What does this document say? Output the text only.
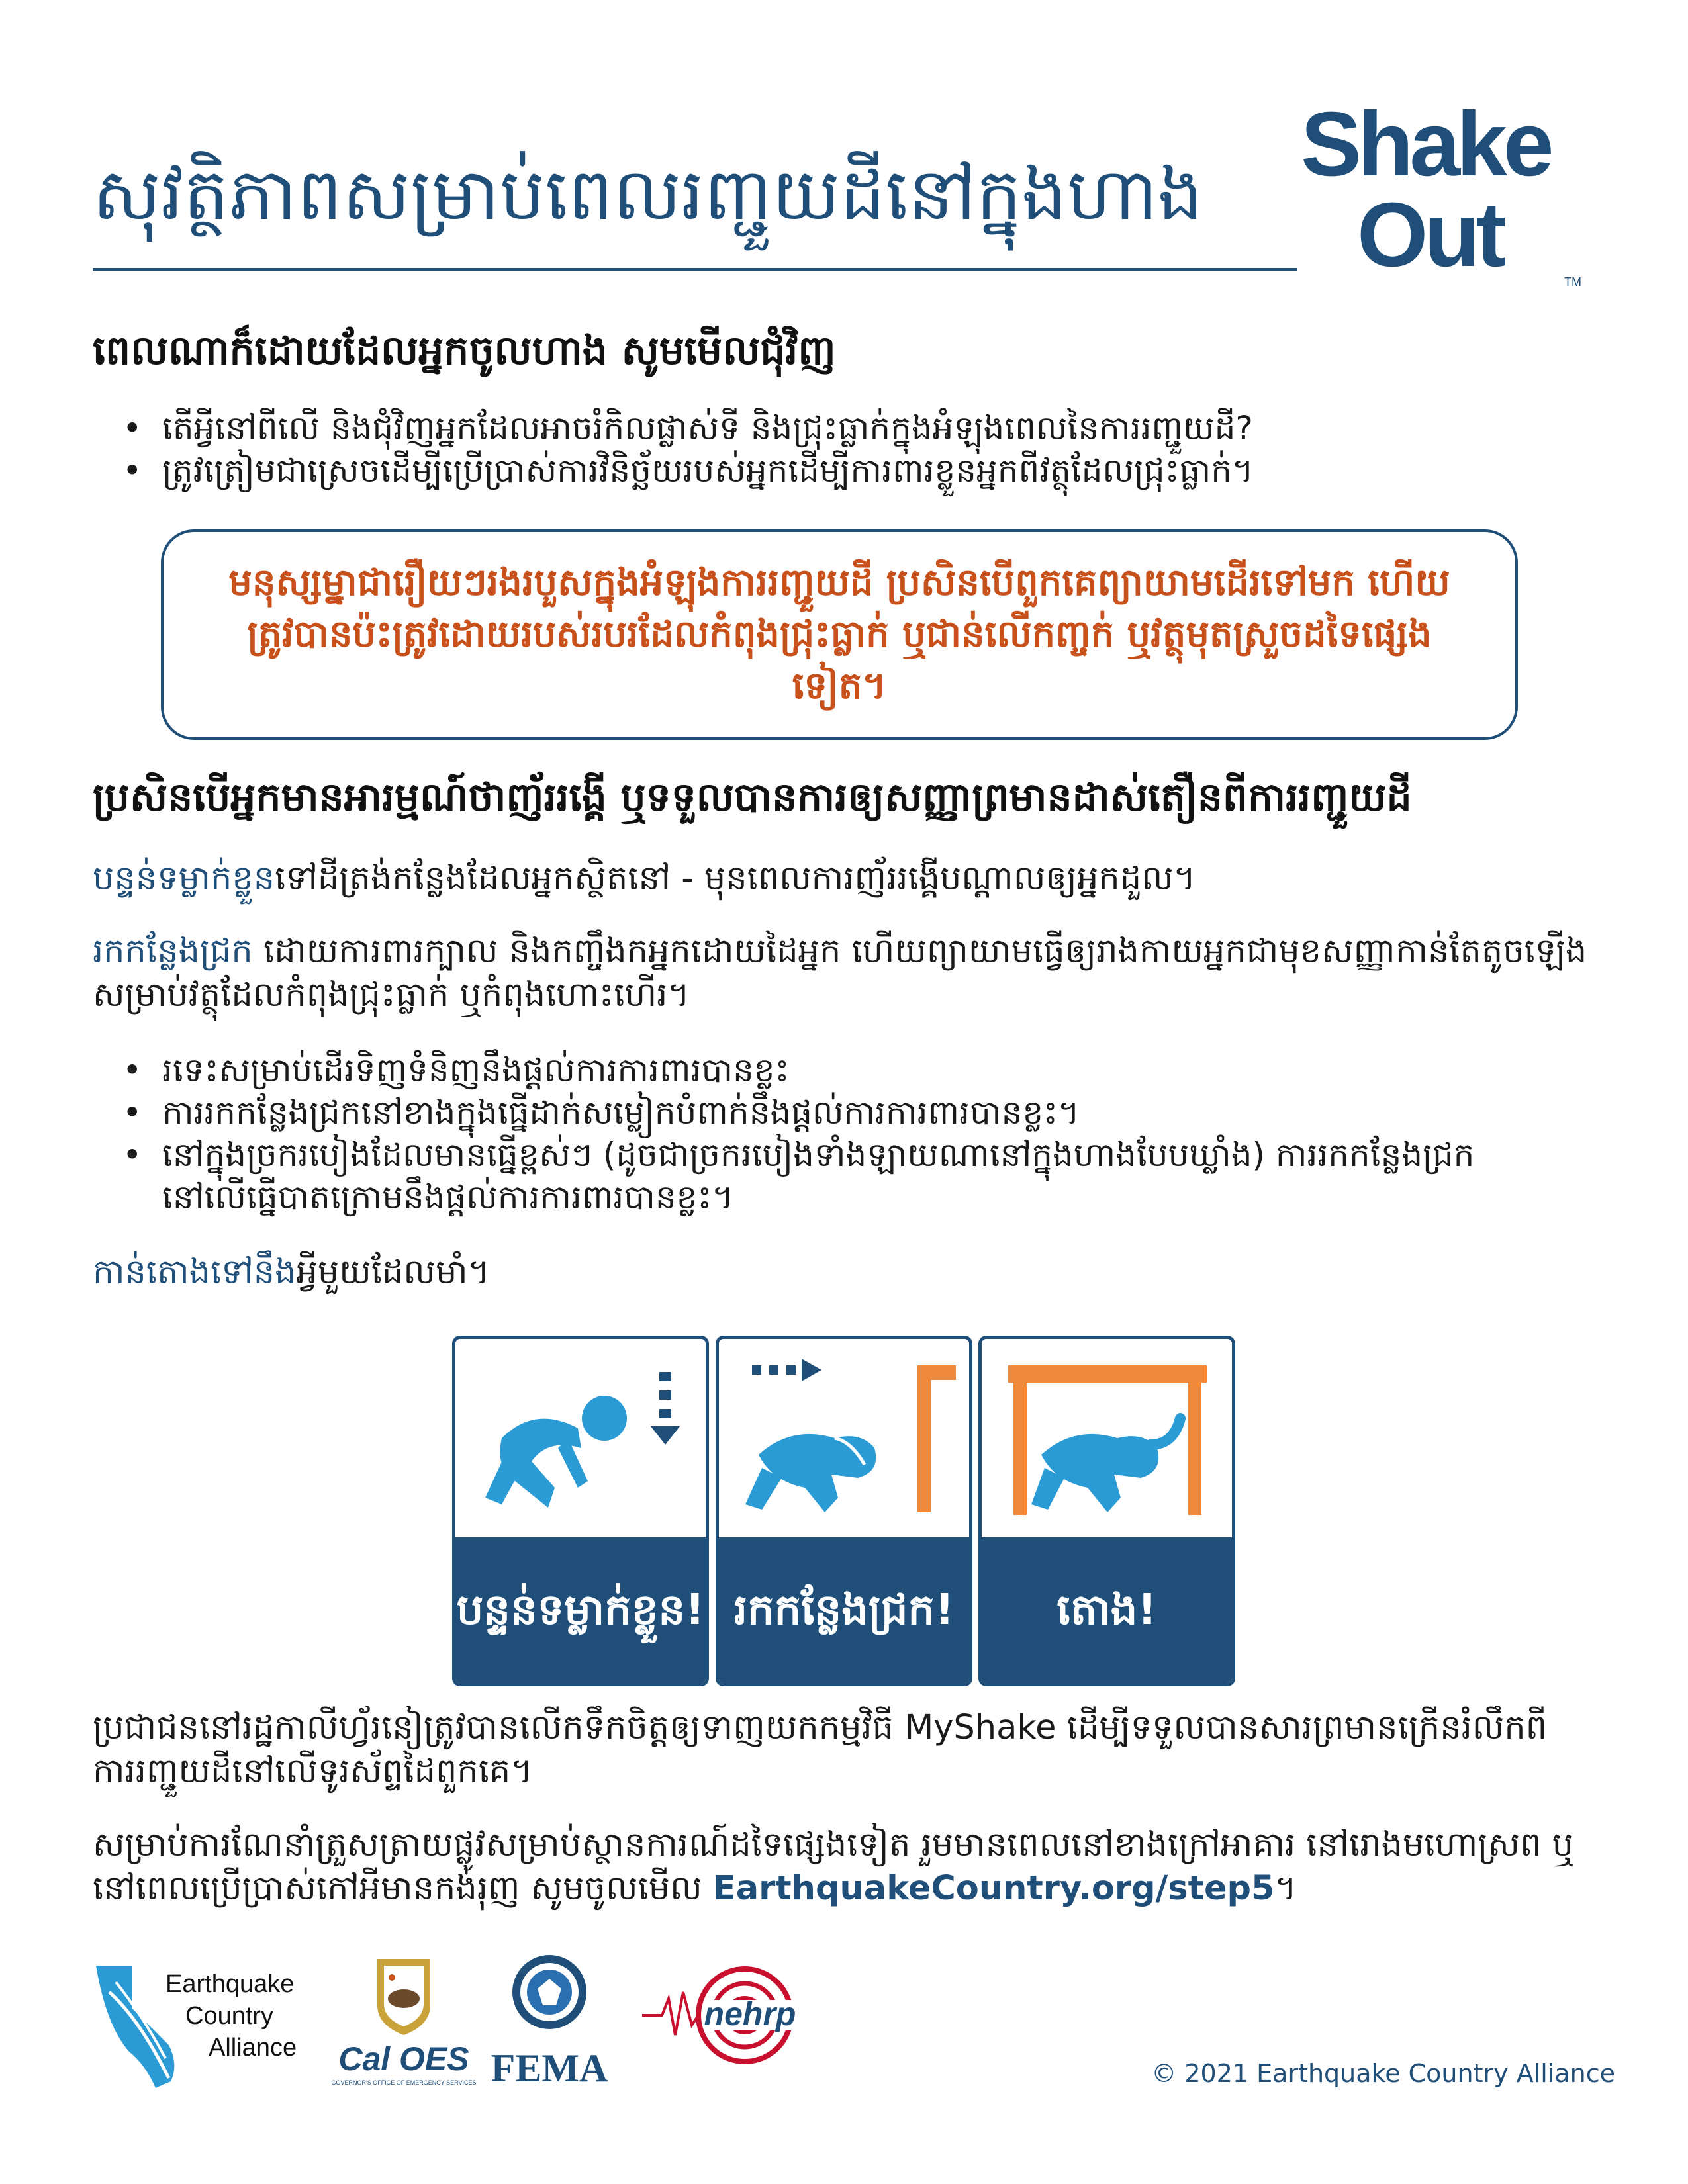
សុវត្ថិភាពសម្រាប់ពេលរញ្ជួយដីនៅក្នុងហាង	Shake
Out	TM
ពេលណាក៏ដោយដែលអ្នកចូលហាង សូមមើលជុំវិញ
• តើអ្វីនៅពីលើ និងជុំវិញអ្នកដែលអាចរំកិលផ្លាស់ទី និងជ្រុះធ្លាក់ក្នុងអំឡុងពេលនៃការរញ្ជួយដី?
• ត្រូវត្រៀមជាស្រេចដើម្បីប្រើប្រាស់ការវិនិច្ឆ័យរបស់អ្នកដើម្បីការពារខ្លួនអ្នកពីវត្ថុដែលជ្រុះធ្លាក់។

មនុស្សម្នាជារឿយៗរងរបួសក្នុងអំឡុងការរញ្ជួយដី ប្រសិនបើពួកគេព្យាយាមដើរទៅមក ហើយត្រូវបានប៉ះត្រូវដោយរបស់របរដែលកំពុងជ្រុះធ្លាក់ ឬជាន់លើកញ្ចក់ ឬវត្ថុមុតស្រួចដទៃផ្សេងទៀត។

ប្រសិនបើអ្នកមានអារម្មណ៍ថាញ័ររង្គើ ឬទទួលបានការឲ្យសញ្ញាព្រមានដាស់តឿនពីការរញ្ជួយដី

បន្ទន់ទម្លាក់ខ្លួនទៅដីត្រង់កន្លែងដែលអ្នកស្ថិតនៅ - មុនពេលការញ័ររង្គើបណ្ដាលឲ្យអ្នកដួល។

រកកន្លែងជ្រក ដោយការពារក្បាល និងកញ្ចឹងកអ្នកដោយដៃអ្នក ហើយព្យាយាមធ្វើឲ្យរាងកាយអ្នកជាមុខសញ្ញាកាន់តែតូចឡើងសម្រាប់វត្ថុដែលកំពុងជ្រុះធ្លាក់ ឬកំពុងហោះហើរ។

• រទេះសម្រាប់ដើរទិញទំនិញនឹងផ្តល់ការការពារបានខ្លះ
• ការរកកន្លែងជ្រកនៅខាងក្នុងធ្នើដាក់សម្លៀកបំពាក់នឹងផ្តល់ការការពារបានខ្លះ។
• នៅក្នុងច្រករបៀងដែលមានធ្នើខ្ពស់ៗ (ដូចជាច្រករបៀងទាំងឡាយណានៅក្នុងហាងបែបឃ្លាំង) ការរកកន្លែងជ្រកនៅលើធ្នើបាតក្រោមនឹងផ្តល់ការការពារបានខ្លះ។

កាន់តោងទៅនឹងអ្វីមួយដែលមាំ។

បន្ទន់ទម្លាក់ខ្លួន! រកកន្លែងជ្រក! តោង!

ប្រជាជននៅរដ្ឋកាលីហ្វ័រនៀត្រូវបានលើកទឹកចិត្តឲ្យទាញយកកម្មវិធី MyShake ដើម្បីទទួលបានសារព្រមានក្រើនរំលឹកពីការរញ្ជួយដីនៅលើទូរស័ព្ទដៃពួកគេ។

សម្រាប់ការណែនាំត្រួសត្រាយផ្លូវសម្រាប់ស្ថានការណ៍ដទៃផ្សេងទៀត រួមមានពេលនៅខាងក្រៅអាគារ នៅរោងមហោស្រព ឬនៅពេលប្រើប្រាស់កៅអីមានកង់រុញ សូមចូលមើល EarthquakeCountry.org/step5។

Earthquake
Country
Alliance Cal OES
GOVERNOR'S OFFICE OF EMERGENCY SERVICES FEMA
nehrp
© 2021 Earthquake Country Alliance
